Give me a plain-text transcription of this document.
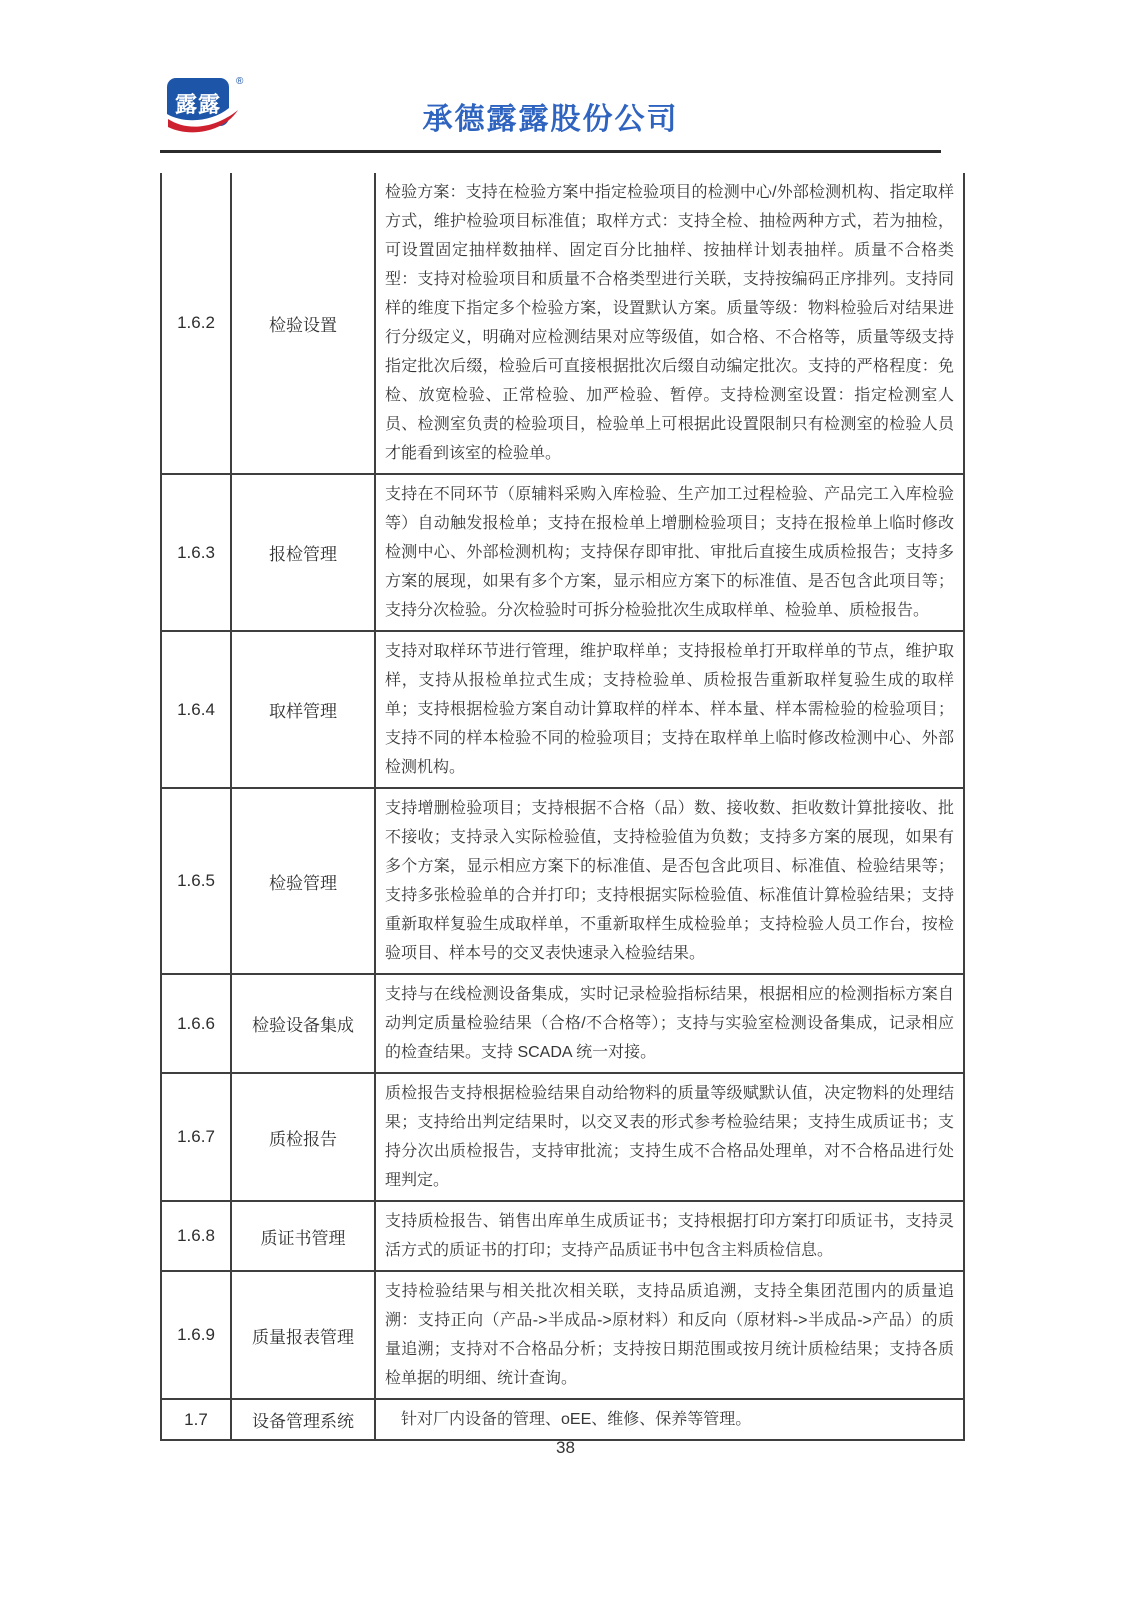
露露
®
承德露露股份公司
1.6.2	检验设置	检验方案：支持在检验方案中指定检验项目的检测中心/外部检测机构、指定取样方式，维护检验项目标准值；取样方式：支持全检、抽检两种方式，若为抽检，可设置固定抽样数抽样、固定百分比抽样、按抽样计划表抽样。质量不合格类型：支持对检验项目和质量不合格类型进行关联，支持按编码正序排列。支持同样的维度下指定多个检验方案，设置默认方案。质量等级：物料检验后对结果进行分级定义，明确对应检测结果对应等级值，如合格、不合格等，质量等级支持指定批次后缀，检验后可直接根据批次后缀自动编定批次。支持的严格程度：免检、放宽检验、正常检验、加严检验、暂停。支持检测室设置：指定检测室人员、检测室负责的检验项目，检验单上可根据此设置限制只有检测室的检验人员才能看到该室的检验单。
1.6.3	报检管理	支持在不同环节（原辅料采购入库检验、生产加工过程检验、产品完工入库检验等）自动触发报检单；支持在报检单上增删检验项目；支持在报检单上临时修改检测中心、外部检测机构；支持保存即审批、审批后直接生成质检报告；支持多方案的展现，如果有多个方案，显示相应方案下的标准值、是否包含此项目等；支持分次检验。分次检验时可拆分检验批次生成取样单、检验单、质检报告。
1.6.4	取样管理	支持对取样环节进行管理，维护取样单；支持报检单打开取样单的节点，维护取样，支持从报检单拉式生成；支持检验单、质检报告重新取样复验生成的取样单；支持根据检验方案自动计算取样的样本、样本量、样本需检验的检验项目；支持不同的样本检验不同的检验项目；支持在取样单上临时修改检测中心、外部检测机构。
1.6.5	检验管理	支持增删检验项目；支持根据不合格（品）数、接收数、拒收数计算批接收、批不接收；支持录入实际检验值，支持检验值为负数；支持多方案的展现，如果有多个方案，显示相应方案下的标准值、是否包含此项目、标准值、检验结果等；支持多张检验单的合并打印；支持根据实际检验值、标准值计算检验结果；支持重新取样复验生成取样单，不重新取样生成检验单；支持检验人员工作台，按检验项目、样本号的交叉表快速录入检验结果。
1.6.6	检验设备集成	支持与在线检测设备集成，实时记录检验指标结果，根据相应的检测指标方案自动判定质量检验结果（合格/不合格等）；支持与实验室检测设备集成，记录相应的检查结果。支持 SCADA 统一对接。
1.6.7	质检报告	质检报告支持根据检验结果自动给物料的质量等级赋默认值，决定物料的处理结果；支持给出判定结果时，以交叉表的形式参考检验结果；支持生成质证书；支持分次出质检报告，支持审批流；支持生成不合格品处理单，对不合格品进行处理判定。
1.6.8	质证书管理	支持质检报告、销售出库单生成质证书；支持根据打印方案打印质证书，支持灵活方式的质证书的打印；支持产品质证书中包含主料质检信息。
1.6.9	质量报表管理	支持检验结果与相关批次相关联，支持品质追溯，支持全集团范围内的质量追溯：支持正向（产品->半成品->原材料）和反向（原材料->半成品->产品）的质量追溯；支持对不合格品分析；支持按日期范围或按月统计质检结果；支持各质检单据的明细、统计查询。
1.7	设备管理系统	　针对厂内设备的管理、oEE、维修、保养等管理。
38
